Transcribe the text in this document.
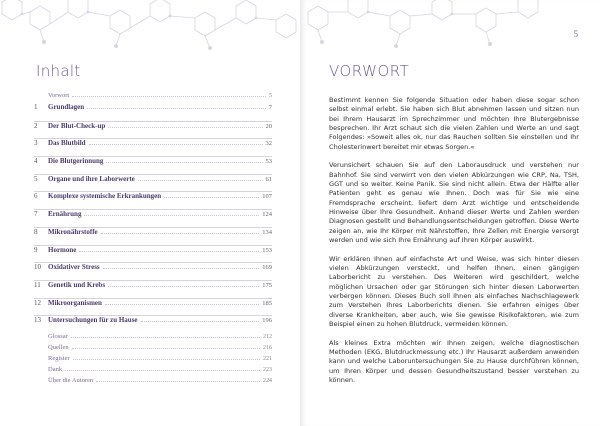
Inhalt
Vorwort	5
1	Grundlagen	7
2	Der Blut-Check-up	20
3	Das Blutbild	32
4	Die Blutgerinnung	53
5	Organe und ihre Laborwerte	61
6	Komplexe systemische Erkrankungen	107
7	Ernährung	124
8	Mikronährstoffe	134
9	Hormone	153
10	Oxidativer Stress	169
11	Genetik und Krebs	175
12	Mikroorganismen	185
13	Untersuchungen für zu Hause	196
Glossar	212
Quellen	216
Register	221
Dank	223
Über die Autoren	224
5
VORWORT

Bestimmt kennen Sie folgende Situation oder haben diese sogar schon selbst einmal erlebt. Sie haben sich Blut abnehmen lassen und sitzen nun bei Ihrem Hausarzt im Sprechzimmer und möchten Ihre Blutergebnisse besprechen. Ihr Arzt schaut sich die vielen Zahlen und Werte an und sagt Folgendes: »Soweit alles ok, nur das Rauchen sollten Sie einstellen und Ihr Cholesterinwert bereitet mir etwas Sorgen.«

Verunsichert schauen Sie auf den Laborausdruck und verstehen nur Bahnhof. Sie sind verwirrt von den vielen Abkürzungen wie CRP, Na, TSH, GGT und so weiter. Keine Panik. Sie sind nicht allein. Etwa der Hälfte aller Patienten geht es genau wie Ihnen. Doch was für Sie wie eine Fremdsprache erscheint, liefert dem Arzt wichtige und entscheidende Hinweise über Ihre Gesundheit. Anhand dieser Werte und Zahlen werden Diagnosen gestellt und Behandlungsentscheidungen getroffen. Diese Werte zeigen an, wie Ihr Körper mit Nährstoffen, Ihre Zellen mit Energie versorgt werden und wie sich Ihre Ernährung auf Ihren Körper auswirkt.

Wir erklären Ihnen auf einfachste Art und Weise, was sich hinter diesen vielen Abkürzungen versteckt, und helfen Ihnen, einen gängigen Laborbericht zu verstehen. Des Weiteren wird geschildert, welche möglichen Ursachen oder gar Störungen sich hinter diesen Laborwerten verbergen können. Dieses Buch soll Ihnen als einfaches Nachschlagewerk zum Verstehen Ihres Laborberichts dienen. Sie erfahren einiges über diverse Krankheiten, aber auch, wie Sie gewisse Risikofaktoren, wie zum Beispiel einen zu hohen Blutdruck, vermeiden können.

Als kleines Extra möchten wir Ihnen zeigen, welche diagnostischen Methoden (EKG, Blutdruckmessung etc.) Ihr Hausarzt außerdem anwenden kann und welche Laboruntersuchungen Sie zu Hause durchführen können, um Ihren Körper und dessen Gesundheitszustand besser verstehen zu können.
